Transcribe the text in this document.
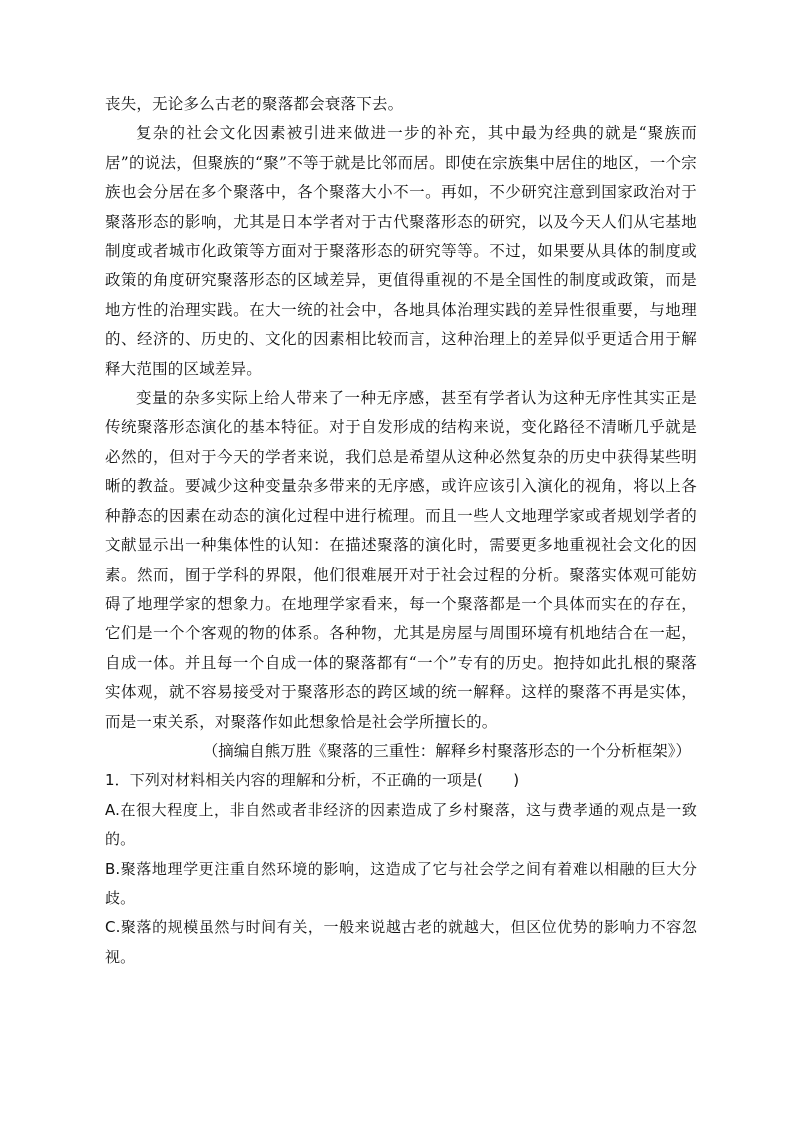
丧失，无论多么古老的聚落都会衰落下去。

复杂的社会文化因素被引进来做进一步的补充，其中最为经典的就是“聚族而居”的说法，但聚族的“聚”不等于就是比邻而居。即使在宗族集中居住的地区，一个宗族也会分居在多个聚落中，各个聚落大小不一。再如，不少研究注意到国家政治对于聚落形态的影响，尤其是日本学者对于古代聚落形态的研究，以及今天人们从宅基地制度或者城市化政策等方面对于聚落形态的研究等等。不过，如果要从具体的制度或政策的角度研究聚落形态的区域差异，更值得重视的不是全国性的制度或政策，而是地方性的治理实践。在大一统的社会中，各地具体治理实践的差异性很重要，与地理的、经济的、历史的、文化的因素相比较而言，这种治理上的差异似乎更适合用于解释大范围的区域差异。

变量的杂多实际上给人带来了一种无序感，甚至有学者认为这种无序性其实正是传统聚落形态演化的基本特征。对于自发形成的结构来说，变化路径不清晰几乎就是必然的，但对于今天的学者来说，我们总是希望从这种必然复杂的历史中获得某些明晰的教益。要减少这种变量杂多带来的无序感，或许应该引入演化的视角，将以上各种静态的因素在动态的演化过程中进行梳理。而且一些人文地理学家或者规划学者的文献显示出一种集体性的认知：在描述聚落的演化时，需要更多地重视社会文化的因素。然而，囿于学科的界限，他们很难展开对于社会过程的分析。聚落实体观可能妨碍了地理学家的想象力。在地理学家看来，每一个聚落都是一个具体而实在的存在，它们是一个个客观的物的体系。各种物，尤其是房屋与周围环境有机地结合在一起，自成一体。并且每一个自成一体的聚落都有“一个”专有的历史。抱持如此扎根的聚落实体观，就不容易接受对于聚落形态的跨区域的统一解释。这样的聚落不再是实体，而是一束关系，对聚落作如此想象恰是社会学所擅长的。

（摘编自熊万胜《聚落的三重性：解释乡村聚落形态的一个分析框架》）

1．下列对材料相关内容的理解和分析，不正确的一项是(　　)

A.在很大程度上，非自然或者非经济的因素造成了乡村聚落，这与费孝通的观点是一致的。

B.聚落地理学更注重自然环境的影响，这造成了它与社会学之间有着难以相融的巨大分歧。

C.聚落的规模虽然与时间有关，一般来说越古老的就越大，但区位优势的影响力不容忽视。
